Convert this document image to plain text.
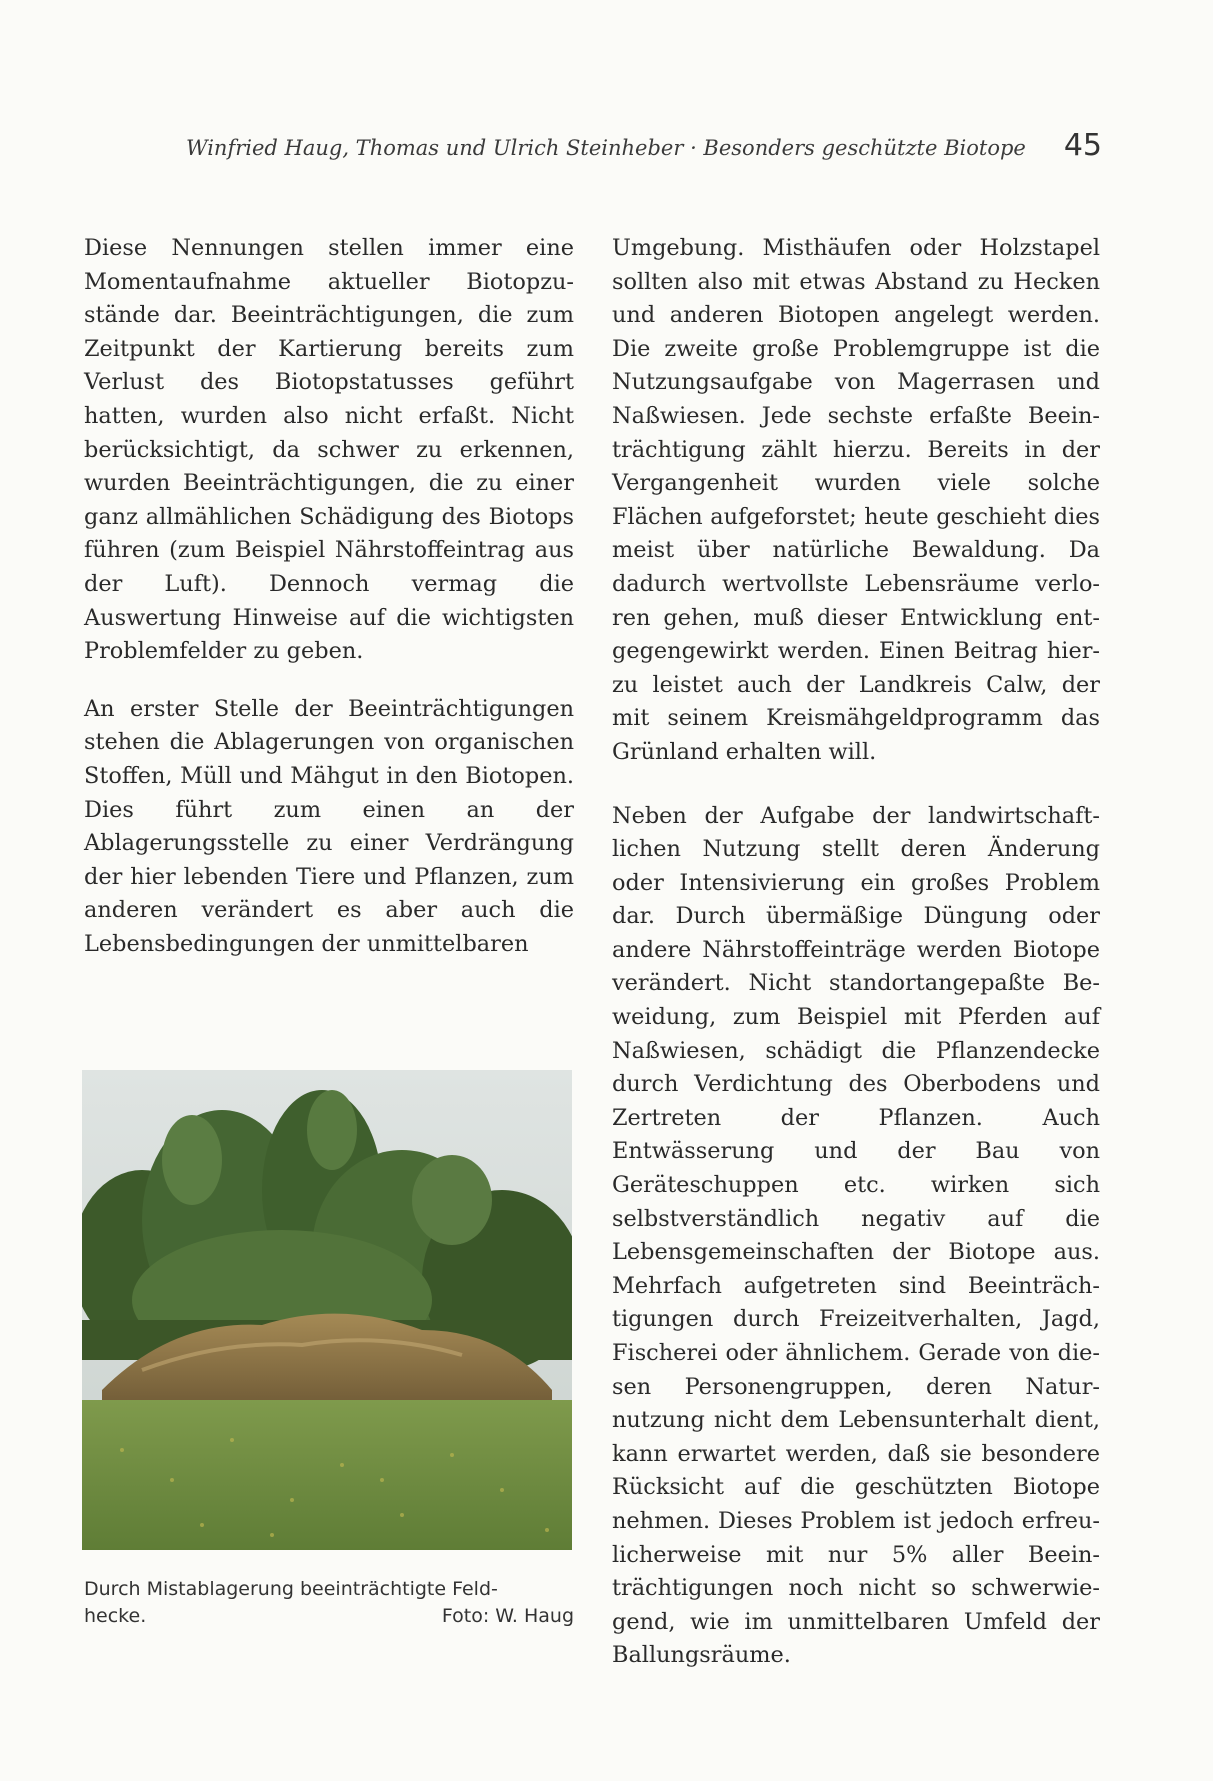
Winfried Haug, Thomas und Ulrich Steinheber · Besonders geschützte Biotope 45

Diese Nennungen stellen immer eine Momentaufnahme aktueller Biotopzustände dar. Beeinträchtigungen, die zum Zeitpunkt der Kartierung bereits zum Verlust des Biotopstatusses geführt hatten, wurden also nicht erfaßt. Nicht berücksichtigt, da schwer zu erkennen, wurden Beeinträchtigungen, die zu einer ganz allmählichen Schädigung des Biotops führen (zum Beispiel Nährstoffeintrag aus der Luft). Dennoch vermag die Auswertung Hinweise auf die wichtigsten Problemfelder zu geben.

An erster Stelle der Beeinträchtigungen stehen die Ablagerungen von organischen Stoffen, Müll und Mähgut in den Biotopen. Dies führt zum einen an der Ablagerungsstelle zu einer Verdrängung der hier lebenden Tiere und Pflanzen, zum anderen verändert es aber auch die Lebensbedingungen der unmittelbaren

Durch Mistablagerung beeinträchtigte Feld-
hecke.	Foto: W. Haug

Umgebung. Misthäufen oder Holzstapel sollten also mit etwas Abstand zu Hecken und anderen Biotopen angelegt werden. Die zweite große Problemgruppe ist die Nutzungsaufgabe von Magerrasen und Naßwiesen. Jede sechste erfaßte Beeinträchtigung zählt hierzu. Bereits in der Vergangenheit wurden viele solche Flächen aufgeforstet; heute geschieht dies meist über natürliche Bewaldung. Da dadurch wertvollste Lebensräume verloren gehen, muß dieser Entwicklung entgegengewirkt werden. Einen Beitrag hierzu leistet auch der Landkreis Calw, der mit seinem Kreismähgeldprogramm das Grünland erhalten will.

Neben der Aufgabe der landwirtschaftlichen Nutzung stellt deren Änderung oder Intensivierung ein großes Problem dar. Durch übermäßige Düngung oder andere Nährstoffeinträge werden Biotope verändert. Nicht standortangepaßte Beweidung, zum Beispiel mit Pferden auf Naßwiesen, schädigt die Pflanzendecke durch Verdichtung des Oberbodens und Zertreten der Pflanzen. Auch Entwässerung und der Bau von Geräteschuppen etc. wirken sich selbstverständlich negativ auf die Lebensgemeinschaften der Biotope aus. Mehrfach aufgetreten sind Beeinträchtigungen durch Freizeitverhalten, Jagd, Fischerei oder ähnlichem. Gerade von diesen Personengruppen, deren Naturnutzung nicht dem Lebensunterhalt dient, kann erwartet werden, daß sie besondere Rücksicht auf die geschützten Biotope nehmen. Dieses Problem ist jedoch erfreulicherweise mit nur 5% aller Beeinträchtigungen noch nicht so schwerwiegend, wie im unmittelbaren Umfeld der Ballungsräume.
